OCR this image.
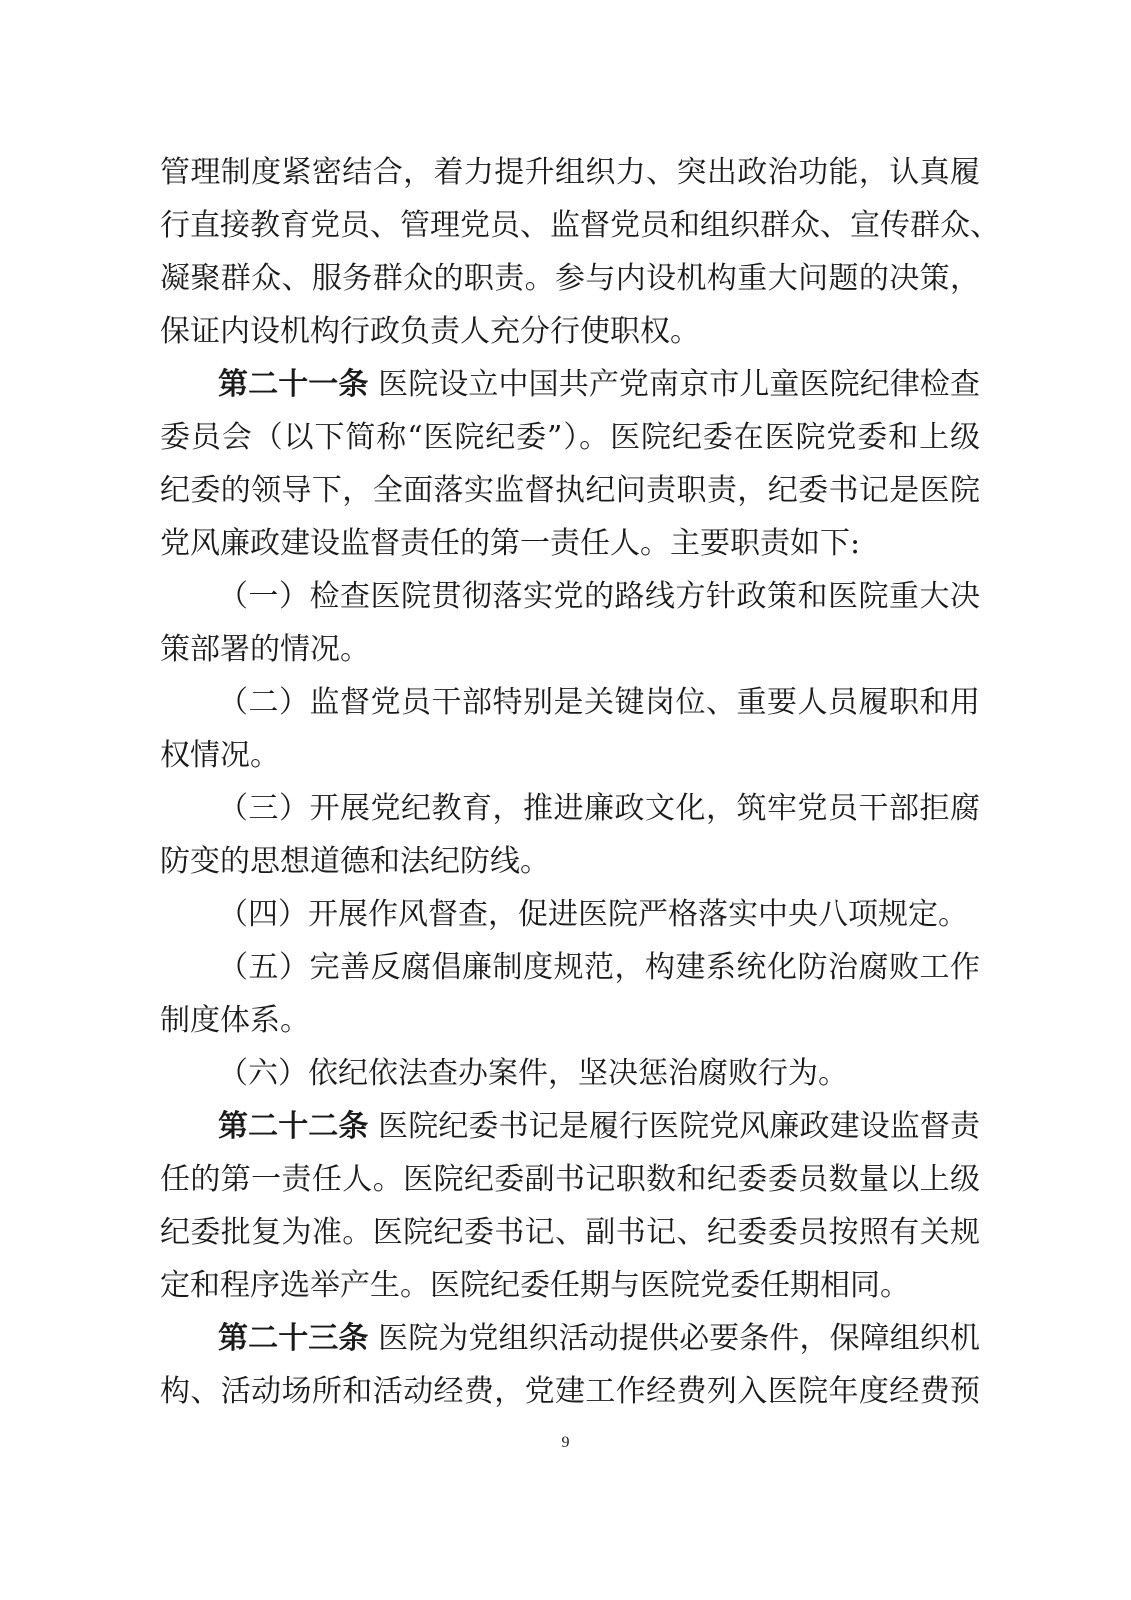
管理制度紧密结合，着力提升组织力、突出政治功能，认真履
行直接教育党员、管理党员、监督党员和组织群众、宣传群众、
凝聚群众、服务群众的职责。参与内设机构重大问题的决策，
保证内设机构行政负责人充分行使职权。
第二十一条 医院设立中国共产党南京市儿童医院纪律检查
委员会（以下简称“医院纪委”）。医院纪委在医院党委和上级
纪委的领导下，全面落实监督执纪问责职责，纪委书记是医院
党风廉政建设监督责任的第一责任人。主要职责如下:
（一）检查医院贯彻落实党的路线方针政策和医院重大决
策部署的情况。
（二）监督党员干部特别是关键岗位、重要人员履职和用
权情况。
（三）开展党纪教育，推进廉政文化，筑牢党员干部拒腐
防变的思想道德和法纪防线。
（四）开展作风督查，促进医院严格落实中央八项规定。
（五）完善反腐倡廉制度规范，构建系统化防治腐败工作
制度体系。
（六）依纪依法查办案件，坚决惩治腐败行为。
第二十二条 医院纪委书记是履行医院党风廉政建设监督责
任的第一责任人。医院纪委副书记职数和纪委委员数量以上级
纪委批复为准。医院纪委书记、副书记、纪委委员按照有关规
定和程序选举产生。医院纪委任期与医院党委任期相同。
第二十三条 医院为党组织活动提供必要条件，保障组织机
构、活动场所和活动经费，党建工作经费列入医院年度经费预
9
